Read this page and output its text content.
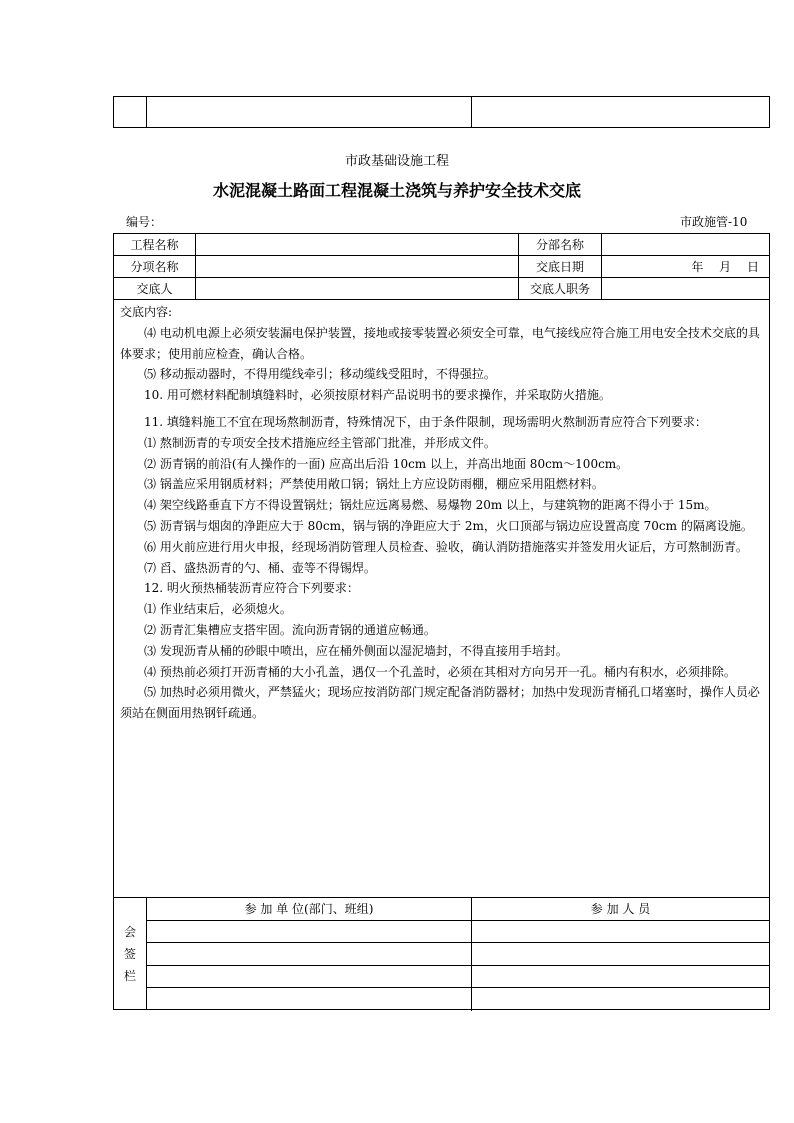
市政基础设施工程
水泥混凝土路面工程混凝土浇筑与养护安全技术交底
编号：	市政施管-10
工程名称	分部名称
分项名称	交底日期	年　 月　 日
交底人	交底人职务

交底内容:

⑷ 电动机电源上必须安装漏电保护装置，接地或接零装置必须安全可靠，电气接线应符合施工用电安全技术交底的具体要求；使用前应检查，确认合格。

⑸ 移动振动器时，不得用缆线牵引；移动缆线受阻时，不得强拉。

10. 用可燃材料配制填缝料时，必须按原材料产品说明书的要求操作，并采取防火措施。

11. 填缝料施工不宜在现场熬制沥青，特殊情况下，由于条件限制，现场需明火熬制沥青应符合下列要求：

⑴ 熬制沥青的专项安全技术措施应经主管部门批准，并形成文件。

⑵ 沥青锅的前沿(有人操作的一面) 应高出后沿 10cm 以上，并高出地面 80cm～100cm。

⑶ 锅盖应采用钢质材料；严禁使用敞口锅；锅灶上方应设防雨棚，棚应采用阻燃材料。

⑷ 架空线路垂直下方不得设置锅灶；锅灶应远离易燃、易爆物 20m 以上，与建筑物的距离不得小于 15m。

⑸ 沥青锅与烟囱的净距应大于 80cm，锅与锅的净距应大于 2m，火口顶部与锅边应设置高度 70cm 的隔离设施。

⑹ 用火前应进行用火申报，经现场消防管理人员检查、验收，确认消防措施落实并签发用火证后，方可熬制沥青。

⑺ 舀、盛热沥青的勺、桶、壶等不得锡焊。

12. 明火预热桶装沥青应符合下列要求：

⑴ 作业结束后，必须熄火。

⑵ 沥青汇集槽应支搭牢固。流向沥青锅的通道应畅通。

⑶ 发现沥青从桶的砂眼中喷出，应在桶外侧面以湿泥墙封，不得直接用手培封。

⑷ 预热前必须打开沥青桶的大小孔盖，遇仅一个孔盖时，必须在其相对方向另开一孔。桶内有积水，必须排除。

⑸ 加热时必须用微火，严禁猛火；现场应按消防部门规定配备消防器材；加热中发现沥青桶孔口堵塞时，操作人员必须站在侧面用热钢钎疏通。

会
签
栏
参 加 单 位(部门、班组)	参 加 人 员
